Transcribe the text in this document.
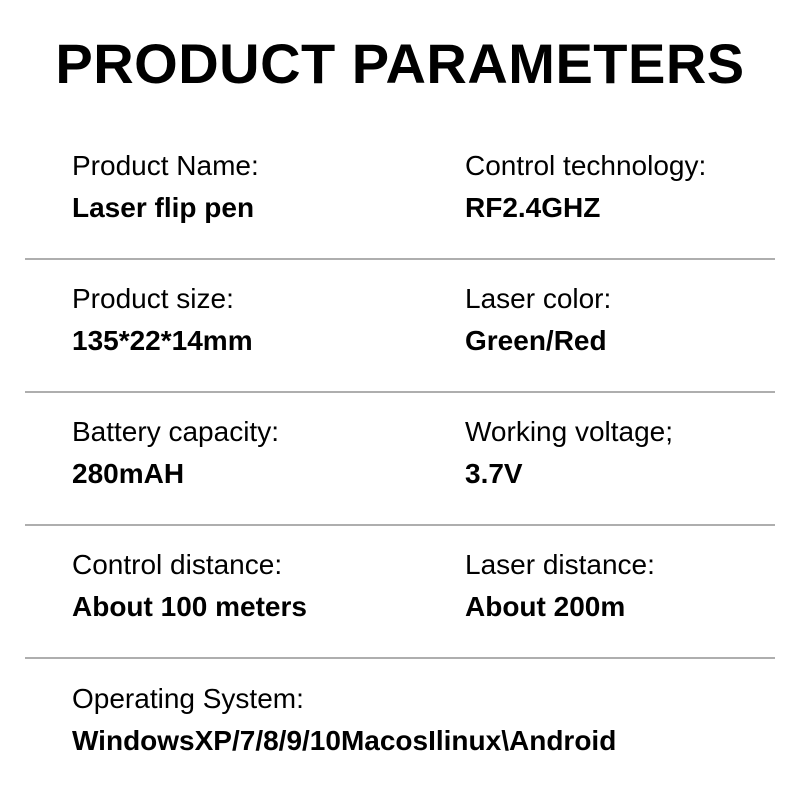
PRODUCT PARAMETERS
Product Name:
Laser flip pen
Control technology:
RF2.4GHZ
Product size:
135*22*14mm
Laser color:
Green/Red
Battery capacity:
280mAH
Working voltage;
3.7V
Control distance:
About 100 meters
Laser distance:
About 200m
Operating System:
WindowsXP/7/8/9/10MacosIlinux\Android
